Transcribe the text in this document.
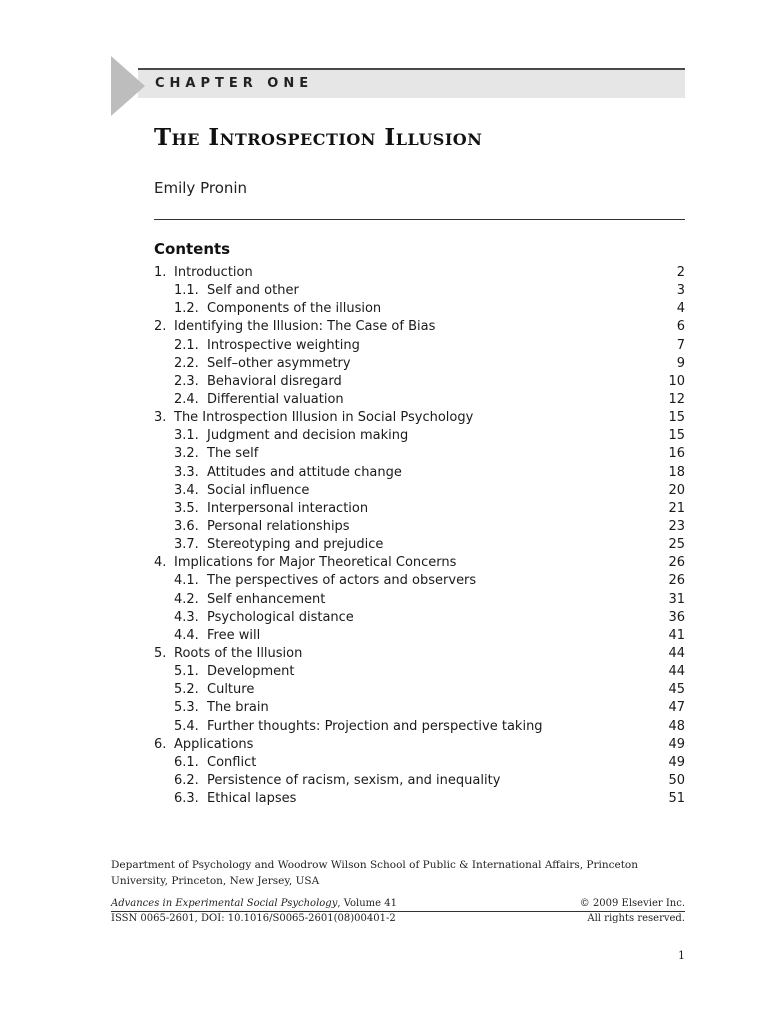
CHAPTER ONE
The Introspection Illusion
Emily Pronin
Contents
1. Introduction	2
1.1. Self and other	3
1.2. Components of the illusion	4
2. Identifying the Illusion: The Case of Bias	6
2.1. Introspective weighting	7
2.2. Self–other asymmetry	9
2.3. Behavioral disregard	10
2.4. Differential valuation	12
3. The Introspection Illusion in Social Psychology	15
3.1. Judgment and decision making	15
3.2. The self	16
3.3. Attitudes and attitude change	18
3.4. Social influence	20
3.5. Interpersonal interaction	21
3.6. Personal relationships	23
3.7. Stereotyping and prejudice	25
4. Implications for Major Theoretical Concerns	26
4.1. The perspectives of actors and observers	26
4.2. Self enhancement	31
4.3. Psychological distance	36
4.4. Free will	41
5. Roots of the Illusion	44
5.1. Development	44
5.2. Culture	45
5.3. The brain	47
5.4. Further thoughts: Projection and perspective taking	48
6. Applications	49
6.1. Conflict	49
6.2. Persistence of racism, sexism, and inequality	50
6.3. Ethical lapses	51
Department of Psychology and Woodrow Wilson School of Public & International Affairs, Princeton University, Princeton, New Jersey, USA
Advances in Experimental Social Psychology, Volume 41	© 2009 Elsevier Inc.
ISSN 0065-2601, DOI: 10.1016/S0065-2601(08)00401-2	All rights reserved.
1
